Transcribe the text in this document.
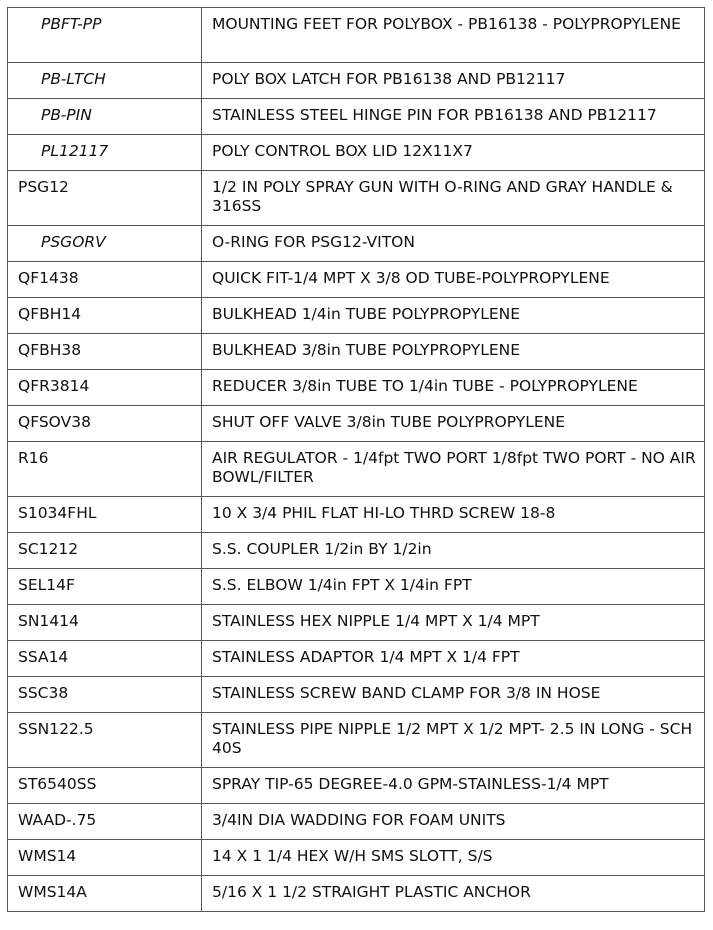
PBFT-PP	MOUNTING FEET FOR POLYBOX - PB16138 - POLYPROPYLENE
PB-LTCH	POLY BOX LATCH FOR PB16138 AND PB12117
PB-PIN	STAINLESS STEEL HINGE PIN FOR PB16138 AND PB12117
PL12117	POLY CONTROL BOX LID 12X11X7
PSG12	1/2 IN POLY SPRAY GUN WITH O-RING AND GRAY HANDLE & 316SS
PSGORV	O-RING FOR PSG12-VITON
QF1438	QUICK FIT-1/4 MPT X 3/8 OD TUBE-POLYPROPYLENE
QFBH14	BULKHEAD 1/4in TUBE POLYPROPYLENE
QFBH38	BULKHEAD 3/8in TUBE POLYPROPYLENE
QFR3814	REDUCER 3/8in TUBE TO 1/4in TUBE - POLYPROPYLENE
QFSOV38	SHUT OFF VALVE 3/8in TUBE POLYPROPYLENE
R16	AIR REGULATOR - 1/4fpt TWO PORT 1/8fpt TWO PORT - NO AIR BOWL/FILTER
S1034FHL	10 X 3/4 PHIL FLAT HI-LO THRD SCREW 18-8
SC1212	S.S. COUPLER 1/2in BY 1/2in
SEL14F	S.S. ELBOW 1/4in FPT X 1/4in FPT
SN1414	STAINLESS HEX NIPPLE 1/4 MPT X 1/4 MPT
SSA14	STAINLESS ADAPTOR 1/4 MPT X 1/4 FPT
SSC38	STAINLESS SCREW BAND CLAMP FOR 3/8 IN HOSE
SSN122.5	STAINLESS PIPE NIPPLE 1/2 MPT X 1/2 MPT- 2.5 IN LONG - SCH 40S
ST6540SS	SPRAY TIP-65 DEGREE-4.0 GPM-STAINLESS-1/4 MPT
WAAD-.75	3/4IN DIA WADDING FOR FOAM UNITS
WMS14	14 X 1 1/4 HEX W/H SMS SLOTT, S/S
WMS14A	5/16 X 1 1/2 STRAIGHT PLASTIC ANCHOR
